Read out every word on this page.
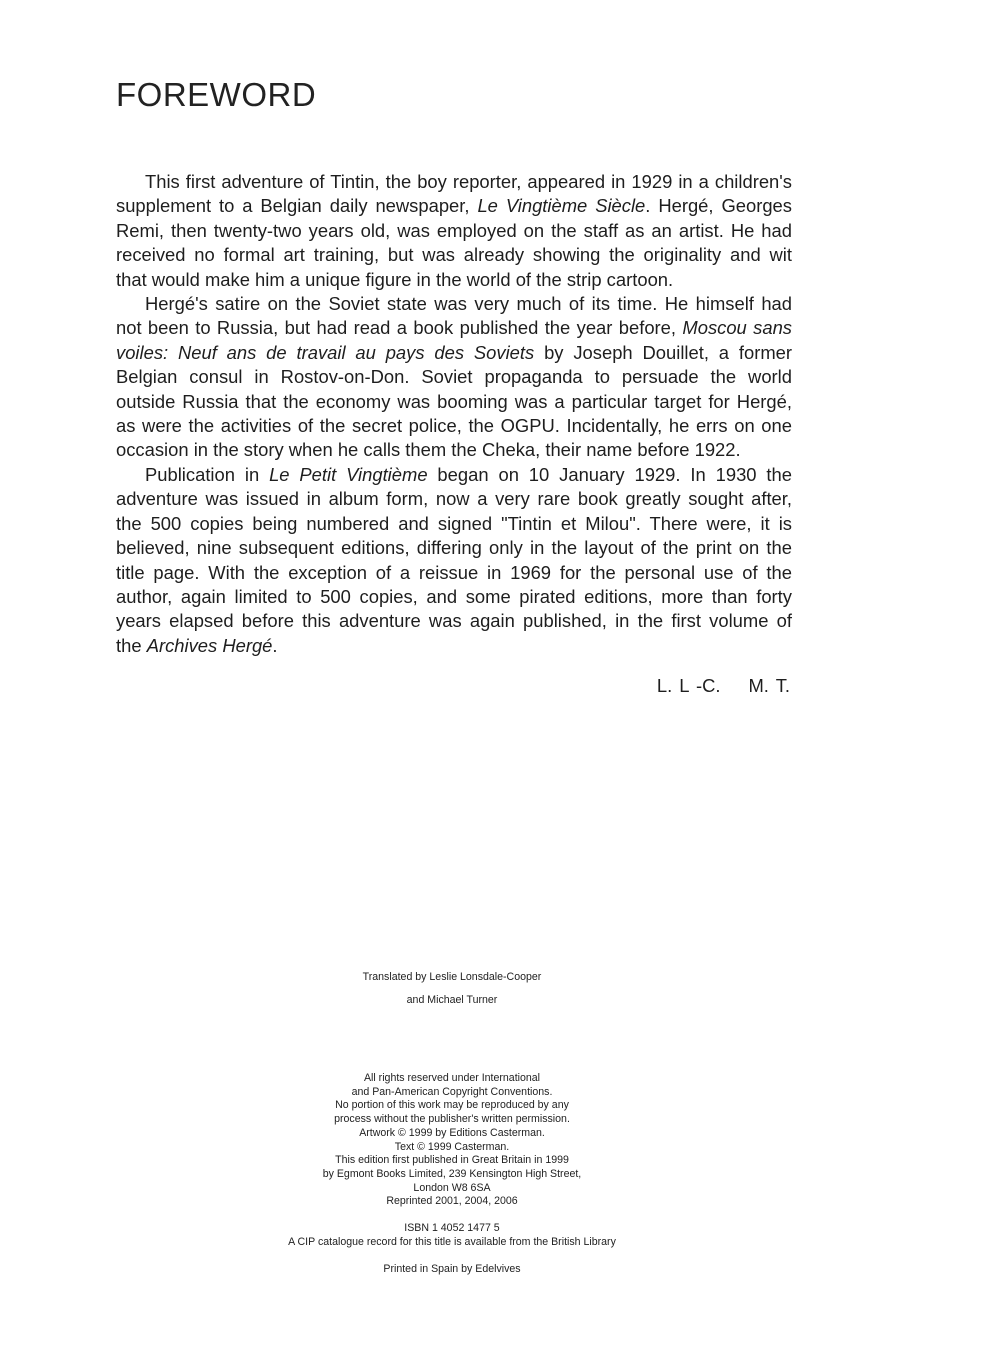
FOREWORD
This first adventure of Tintin, the boy reporter, appeared in 1929 in a children's
supplement to a Belgian daily newspaper, Le Vingtième Siècle. Hergé, Georges
Remi, then twenty-two years old, was employed on the staff as an artist. He had
received no formal art training, but was already showing the originality and wit
that would make him a unique figure in the world of the strip cartoon.
Hergé's satire on the Soviet state was very much of its time. He himself had
not been to Russia, but had read a book published the year before, Moscou sans
voiles: Neuf ans de travail au pays des Soviets by Joseph Douillet, a former
Belgian consul in Rostov-on-Don. Soviet propaganda to persuade the world
outside Russia that the economy was booming was a particular target for Hergé,
as were the activities of the secret police, the OGPU. Incidentally, he errs on one
occasion in the story when he calls them the Cheka, their name before 1922.
Publication in Le Petit Vingtième began on 10 January 1929. In 1930 the
adventure was issued in album form, now a very rare book greatly sought after,
the 500 copies being numbered and signed "Tintin et Milou". There were, it is
believed, nine subsequent editions, differing only in the layout of the print on the
title page. With the exception of a reissue in 1969 for the personal use of the
author, again limited to 500 copies, and some pirated editions, more than forty
years elapsed before this adventure was again published, in the first volume of
the Archives Hergé.
L. L -C. M. T.
Translated by Leslie Lonsdale-Cooper
and Michael Turner
All rights reserved under International
and Pan-American Copyright Conventions.
No portion of this work may be reproduced by any
process without the publisher's written permission.
Artwork © 1999 by Editions Casterman.
Text © 1999 Casterman.
This edition first published in Great Britain in 1999
by Egmont Books Limited, 239 Kensington High Street,
London W8 6SA
Reprinted 2001, 2004, 2006
ISBN 1 4052 1477 5
A CIP catalogue record for this title is available from the British Library
Printed in Spain by Edelvives
